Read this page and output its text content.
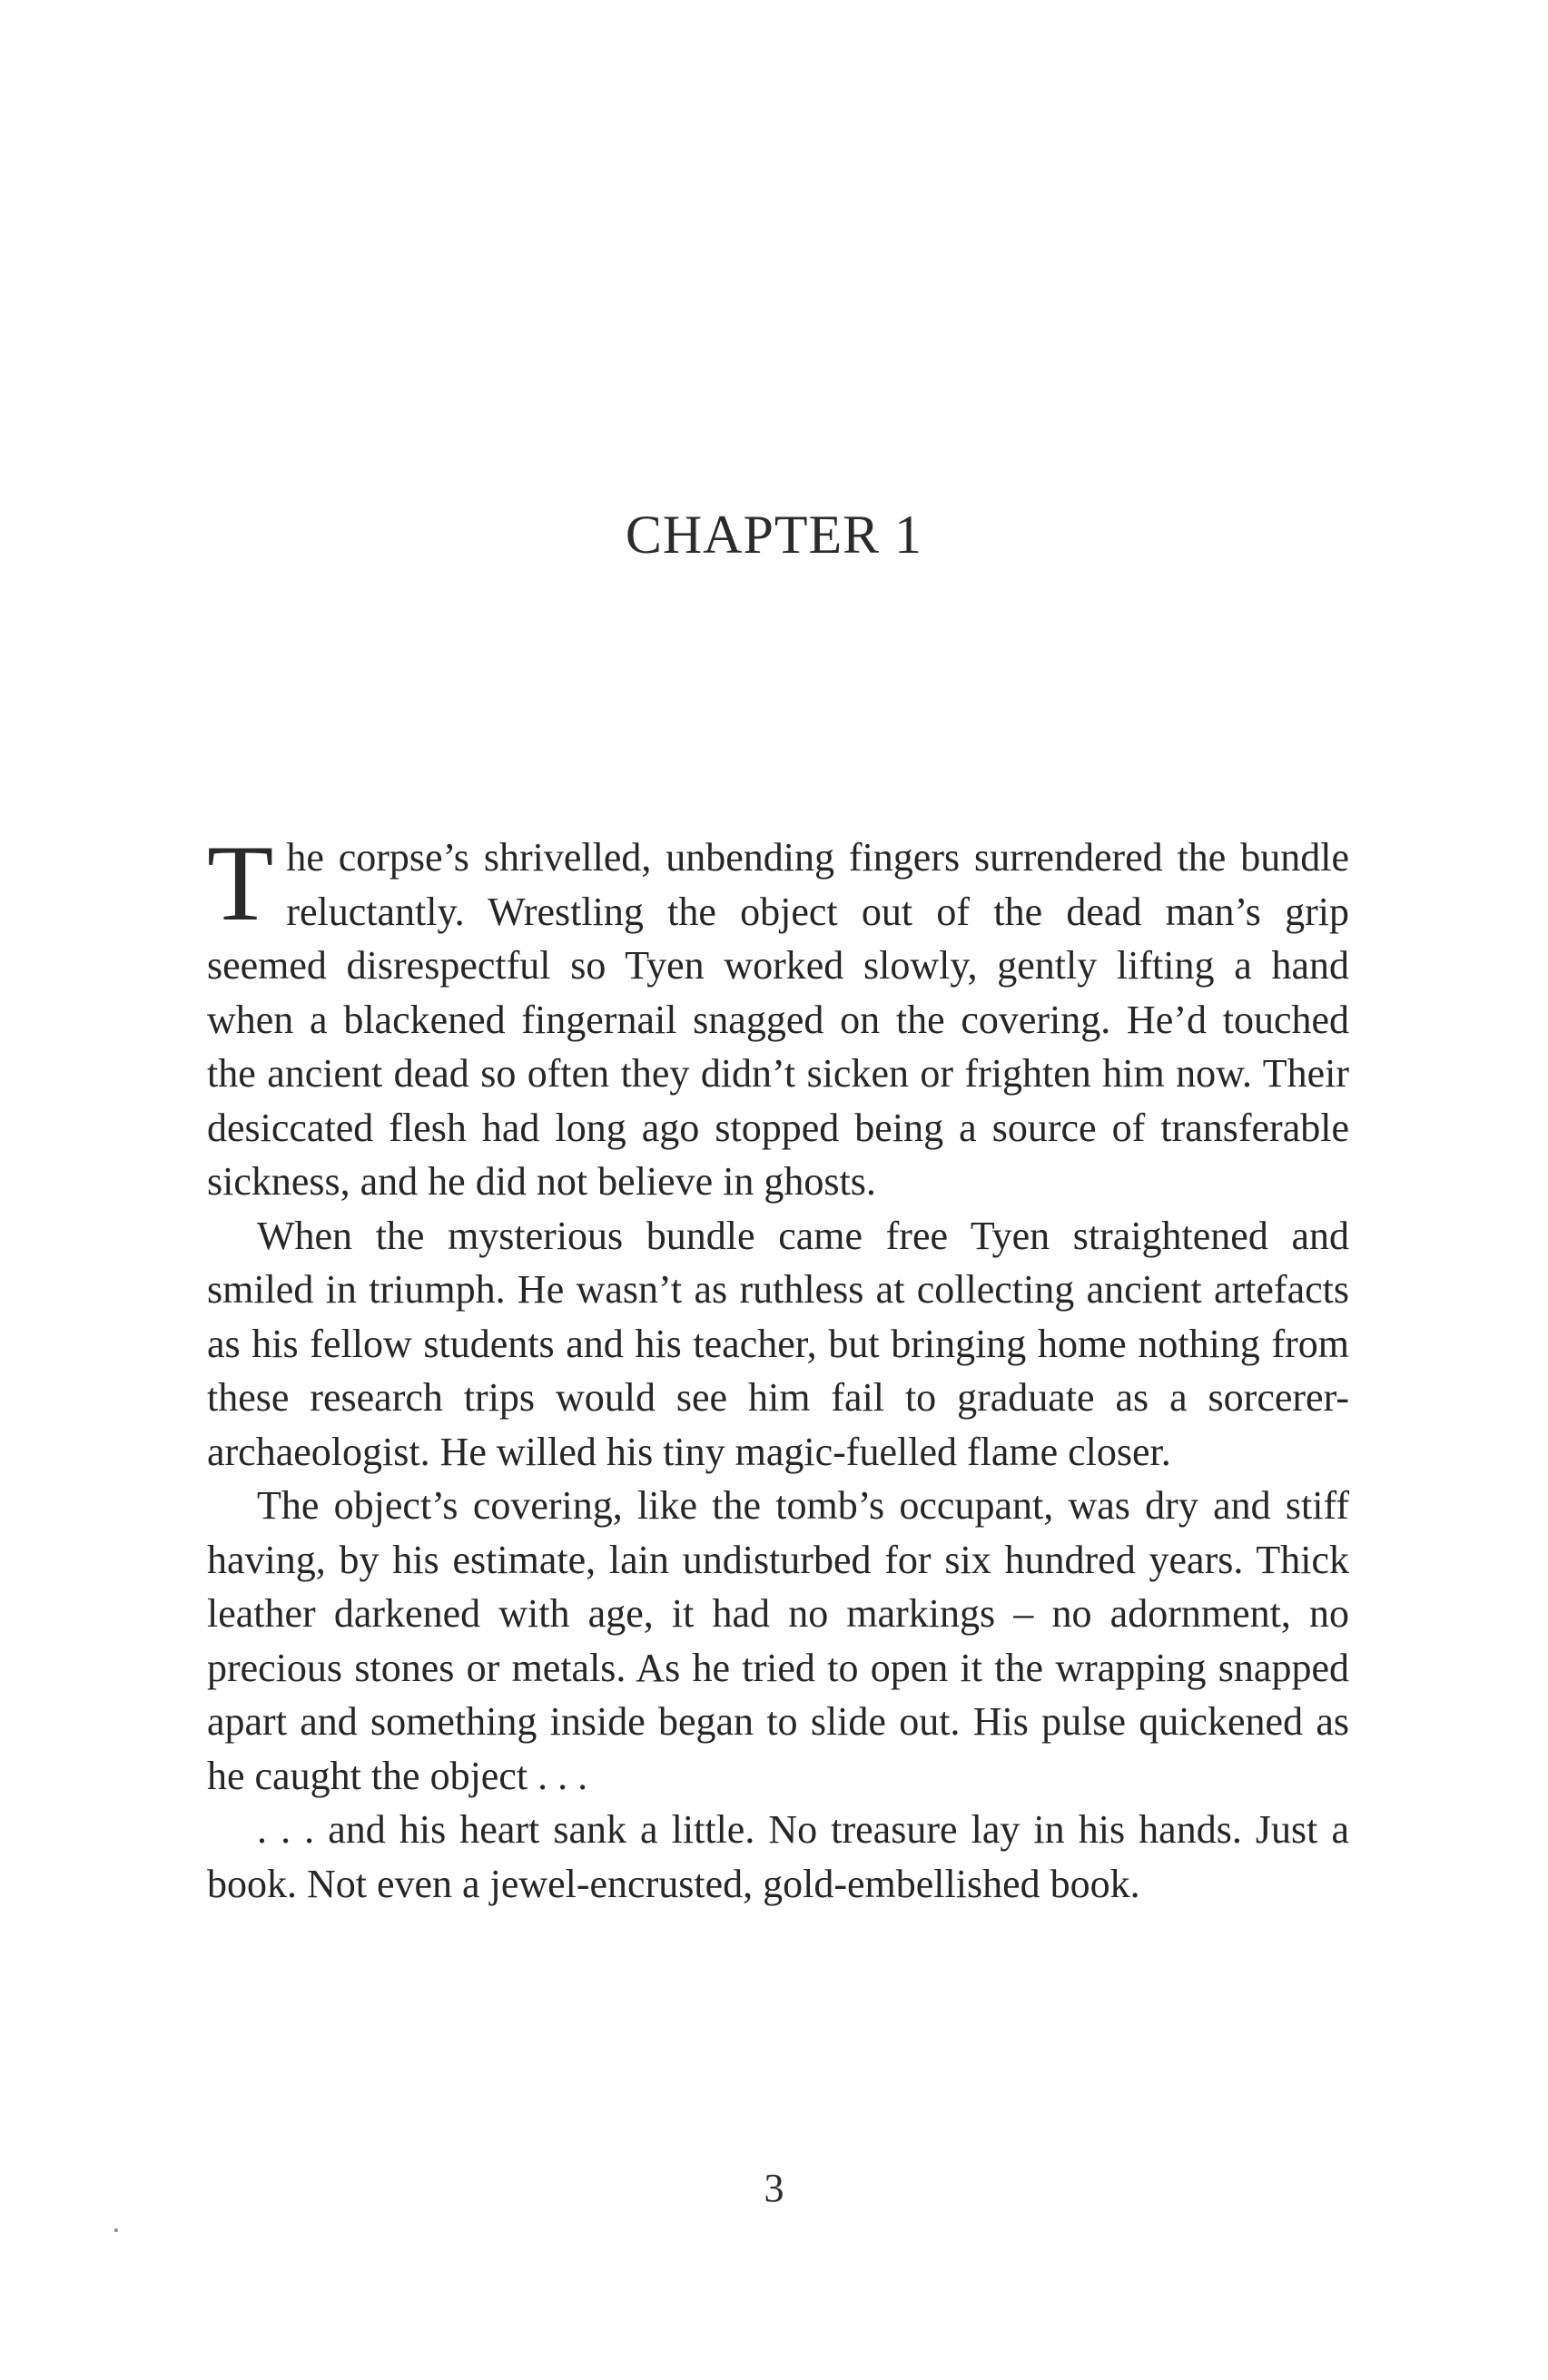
CHAPTER 1

The corpse’s shrivelled, unbending fingers surrendered the bundle reluctantly. Wrestling the object out of the dead man’s grip seemed disrespectful so Tyen worked slowly, gently lifting a hand when a blackened fingernail snagged on the covering. He’d touched the ancient dead so often they didn’t sicken or frighten him now. Their desiccated flesh had long ago stopped being a source of transferable sickness, and he did not believe in ghosts.

When the mysterious bundle came free Tyen straightened and smiled in triumph. He wasn’t as ruthless at collecting ancient artefacts as his fellow students and his teacher, but bringing home nothing from these research trips would see him fail to graduate as a sorcerer-archaeologist. He willed his tiny magic-fuelled flame closer.

The object’s covering, like the tomb’s occupant, was dry and stiff having, by his estimate, lain undisturbed for six hundred years. Thick leather darkened with age, it had no markings – no adornment, no precious stones or metals. As he tried to open it the wrapping snapped apart and something inside began to slide out. His pulse quickened as he caught the object . . .

. . . and his heart sank a little. No treasure lay in his hands. Just a book. Not even a jewel-encrusted, gold-embellished book.

3
